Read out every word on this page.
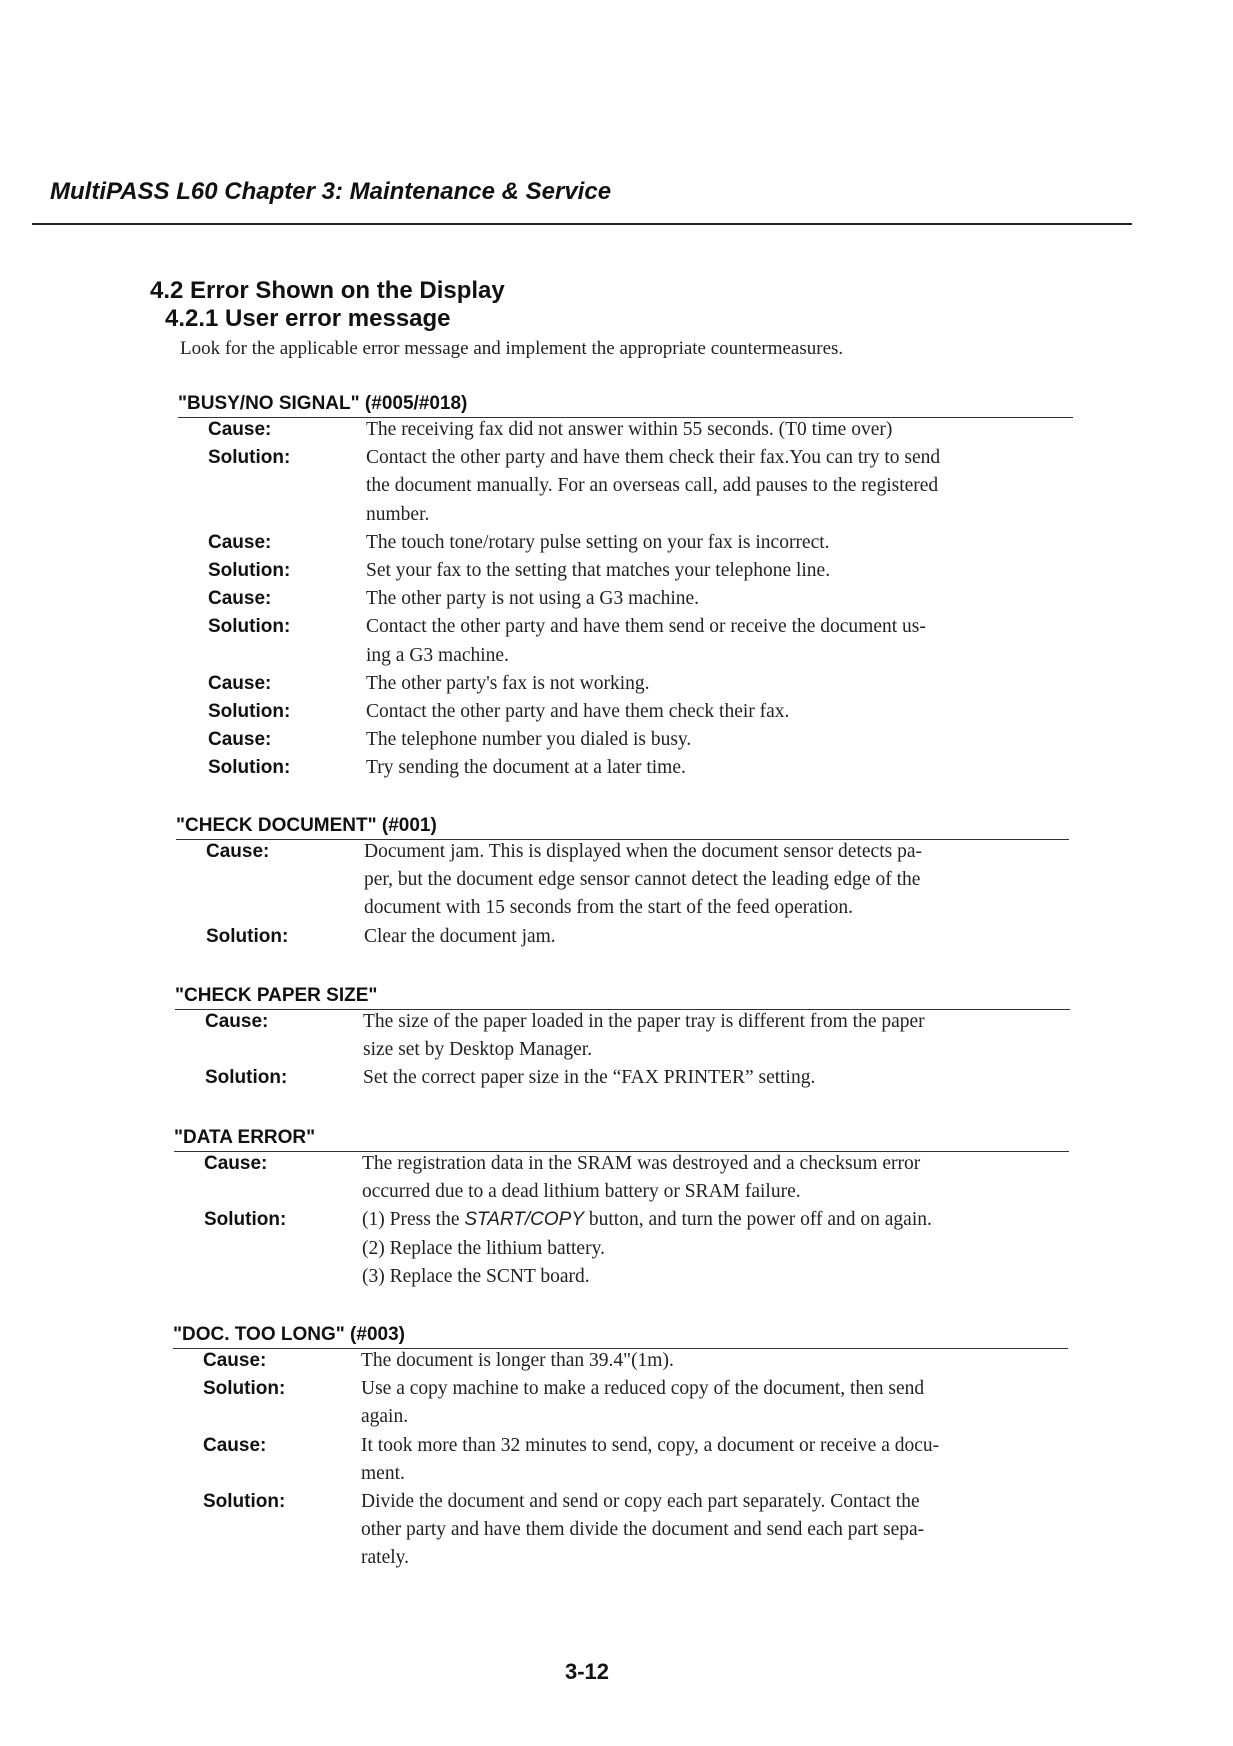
MultiPASS L60 Chapter 3: Maintenance & Service
4.2 Error Shown on the Display
4.2.1 User error message
Look for the applicable error message and implement the appropriate countermeasures.
"BUSY/NO SIGNAL" (#005/#018)
Cause:	The receiving fax did not answer within 55 seconds. (T0 time over)
Solution:	Contact the other party and have them check their fax.You can try to send
the document manually. For an overseas call, add pauses to the registered
number.
Cause:	The touch tone/rotary pulse setting on your fax is incorrect.
Solution:	Set your fax to the setting that matches your telephone line.
Cause:	The other party is not using a G3 machine.
Solution:	Contact the other party and have them send or receive the document us-
ing a G3 machine.
Cause:	The other party's fax is not working.
Solution:	Contact the other party and have them check their fax.
Cause:	The telephone number you dialed is busy.
Solution:	Try sending the document at a later time.
"CHECK DOCUMENT" (#001)
Cause:	Document jam. This is displayed when the document sensor detects pa-
per, but the document edge sensor cannot detect the leading edge of the
document with 15 seconds from the start of the feed operation.
Solution:	Clear the document jam.
"CHECK PAPER SIZE"
Cause:	The size of the paper loaded in the paper tray is different from the paper
size set by Desktop Manager.
Solution:	Set the correct paper size in the “FAX PRINTER” setting.
"DATA ERROR"
Cause:	The registration data in the SRAM was destroyed and a checksum error
occurred due to a dead lithium battery or SRAM failure.
Solution:	(1) Press the START/COPY button, and turn the power off and on again.
(2) Replace the lithium battery.
(3) Replace the SCNT board.
"DOC. TOO LONG" (#003)
Cause:	The document is longer than 39.4"(1m).
Solution:	Use a copy machine to make a reduced copy of the document, then send
again.
Cause:	It took more than 32 minutes to send, copy, a document or receive a docu-
ment.
Solution:	Divide the document and send or copy each part separately. Contact the
other party and have them divide the document and send each part sepa-
rately.
3-12
